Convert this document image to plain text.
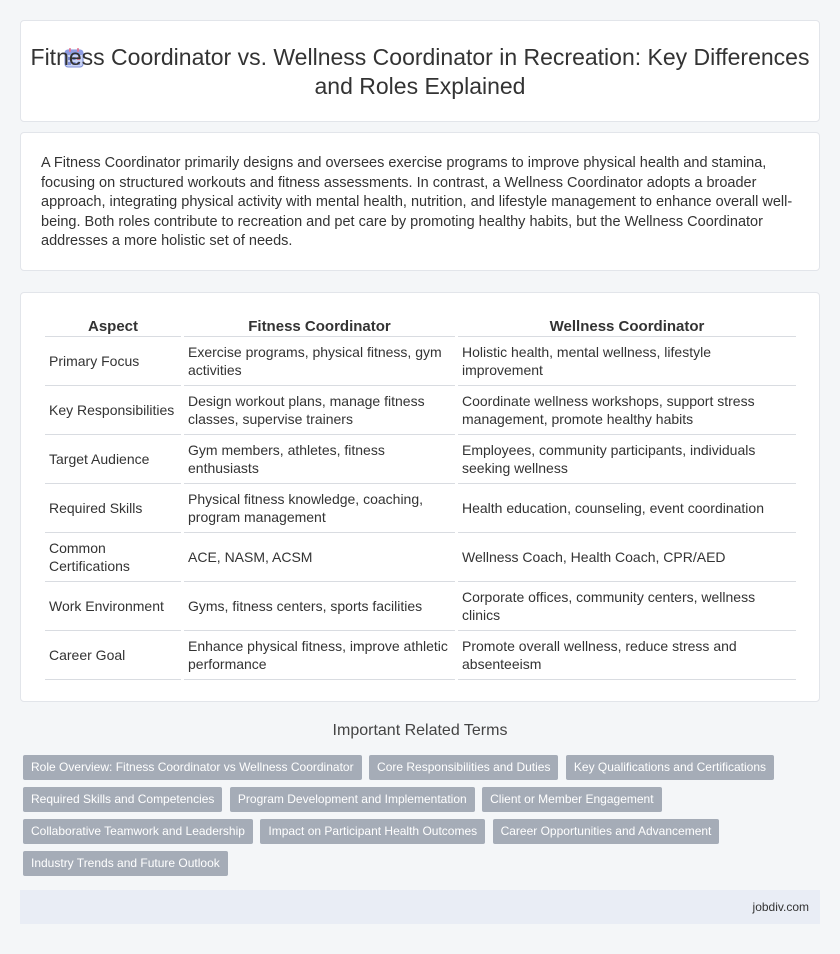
Fitness Coordinator vs. Wellness Coordinator in Recreation: Key Differences and Roles Explained

A Fitness Coordinator primarily designs and oversees exercise programs to improve physical health and stamina, focusing on structured workouts and fitness assessments. In contrast, a Wellness Coordinator adopts a broader approach, integrating physical activity with mental health, nutrition, and lifestyle management to enhance overall well-being. Both roles contribute to recreation and pet care by promoting healthy habits, but the Wellness Coordinator addresses a more holistic set of needs.

Aspect	Fitness Coordinator	Wellness Coordinator
Primary Focus	Exercise programs, physical fitness, gym activities	Holistic health, mental wellness, lifestyle improvement
Key Responsibilities	Design workout plans, manage fitness classes, supervise trainers	Coordinate wellness workshops, support stress management, promote healthy habits
Target Audience	Gym members, athletes, fitness enthusiasts	Employees, community participants, individuals seeking wellness
Required Skills	Physical fitness knowledge, coaching, program management	Health education, counseling, event coordination
Common Certifications	ACE, NASM, ACSM	Wellness Coach, Health Coach, CPR/AED
Work Environment	Gyms, fitness centers, sports facilities	Corporate offices, community centers, wellness clinics
Career Goal	Enhance physical fitness, improve athletic performance	Promote overall wellness, reduce stress and absenteeism
Important Related Terms
Role Overview: Fitness Coordinator vs Wellness Coordinator Core Responsibilities and Duties Key Qualifications and Certifications Required Skills and Competencies Program Development and Implementation Client or Member Engagement Collaborative Teamwork and Leadership Impact on Participant Health Outcomes Career Opportunities and Advancement Industry Trends and Future Outlook
jobdiv.com
